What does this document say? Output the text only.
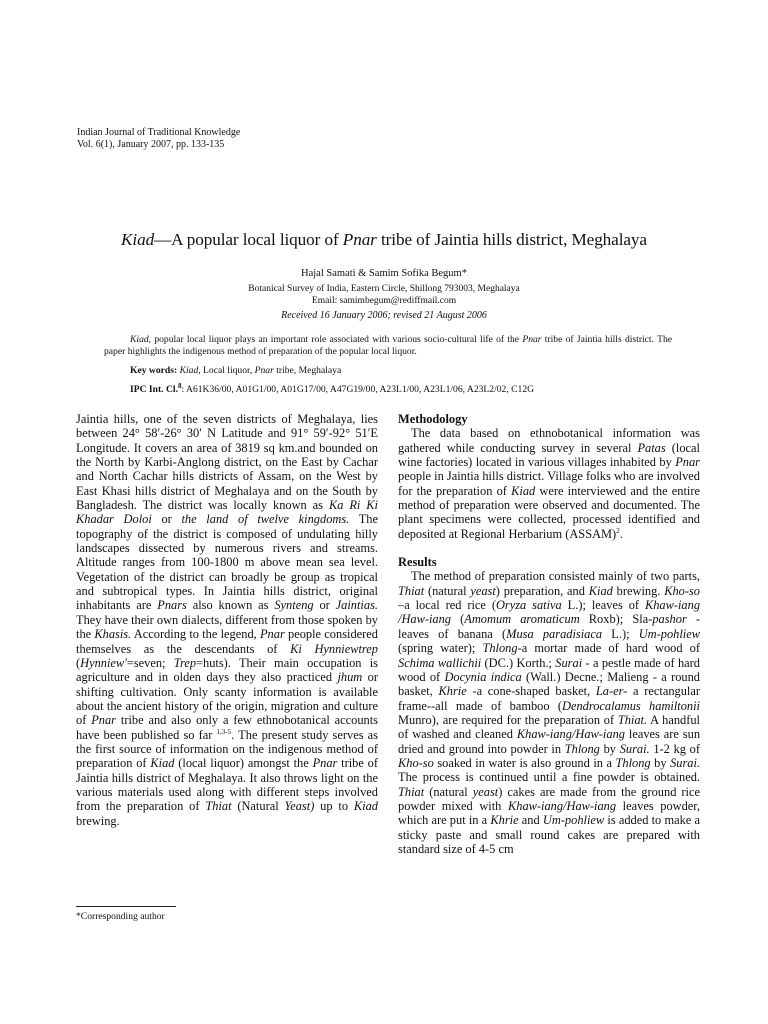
Indian Journal of Traditional Knowledge
Vol. 6(1), January 2007, pp. 133-135
Kiad—A popular local liquor of Pnar tribe of Jaintia hills district, Meghalaya
Hajal Samati & Samim Sofika Begum*
Botanical Survey of India, Eastern Circle, Shillong 793003, Meghalaya
Email: samimbegum@rediffmail.com
Received 16 January 2006; revised 21 August 2006
Kiad, popular local liquor plays an important role associated with various socio-cultural life of the Pnar tribe of Jaintia hills district. The paper highlights the indigenous method of preparation of the popular local liquor.
Key words: Kiad, Local liquor, Pnar tribe, Meghalaya
IPC Int. Cl.$^8$: A61K36/00, A01G1/00, A01G17/00, A47G19/00, A23L1/00, A23L1/06, A23L2/02, C12G

Jaintia hills, one of the seven districts of Meghalaya, lies between 24° 58′-26° 30′ N Latitude and 91° 59′-92° 51′E Longitude. It covers an area of 3819 sq km.and bounded on the North by Karbi-Anglong district, on the East by Cachar and North Cachar hills districts of Assam, on the West by East Khasi hills district of Meghalaya and on the South by Bangladesh. The district was locally known as Ka Ri Ki Khadar Doloi or the land of twelve kingdoms. The topography of the district is composed of undulating hilly landscapes dissected by numerous rivers and streams. Altitude ranges from 100-1800 m above mean sea level. Vegetation of the district can broadly be group as tropical and subtropical types. In Jaintia hills district, original inhabitants are Pnars also known as Synteng or Jaintias. They have their own dialects, different from those spoken by the Khasis. According to the legend, Pnar people considered themselves as the descendants of Ki Hynniewtrep (Hynniew'=seven; Trep=huts). Their main occupation is agriculture and in olden days they also practiced jhum or shifting cultivation. Only scanty information is available about the ancient history of the origin, migration and culture of Pnar tribe and also only a few ethnobotanical accounts have been published so far $^{1,3-5}$. The present study serves as the first source of information on the indigenous method of preparation of Kiad (local liquor) amongst the Pnar tribe of Jaintia hills district of Meghalaya. It also throws light on the various materials used along with different steps involved from the preparation of Thiat (Natural Yeast) up to Kiad brewing.

*Corresponding author
Methodology

The data based on ethnobotanical information was gathered while conducting survey in several Patas (local wine factories) located in various villages inhabited by Pnar people in Jaintia hills district. Village folks who are involved for the preparation of Kiad were interviewed and the entire method of preparation were observed and documented. The plant specimens were collected, processed identified and deposited at Regional Herbarium (ASSAM)$^2$.

Results

The method of preparation consisted mainly of two parts, Thiat (natural yeast) preparation, and Kiad brewing. Kho-so –a local red rice (Oryza sativa L.); leaves of Khaw-iang /Haw-iang (Amomum aromaticum Roxb); Sla-pashor - leaves of banana (Musa paradisiaca L.); Um-pohliew (spring water); Thlong-a mortar made of hard wood of Schima wallichii (DC.) Korth.; Surai - a pestle made of hard wood of Docynia indica (Wall.) Decne.; Malieng - a round basket, Khrie -a cone-shaped basket, La-er- a rectangular frame--all made of bamboo (Dendrocalamus hamiltonii Munro), are required for the preparation of Thiat. A handful of washed and cleaned Khaw-iang/Haw-iang leaves are sun dried and ground into powder in Thlong by Surai. 1-2 kg of Kho-so soaked in water is also ground in a Thlong by Surai. The process is continued until a fine powder is obtained. Thiat (natural yeast) cakes are made from the ground rice powder mixed with Khaw-iang/Haw-iang leaves powder, which are put in a Khrie and Um-pohliew is added to make a sticky paste and small round cakes are prepared with standard size of 4-5 cm
